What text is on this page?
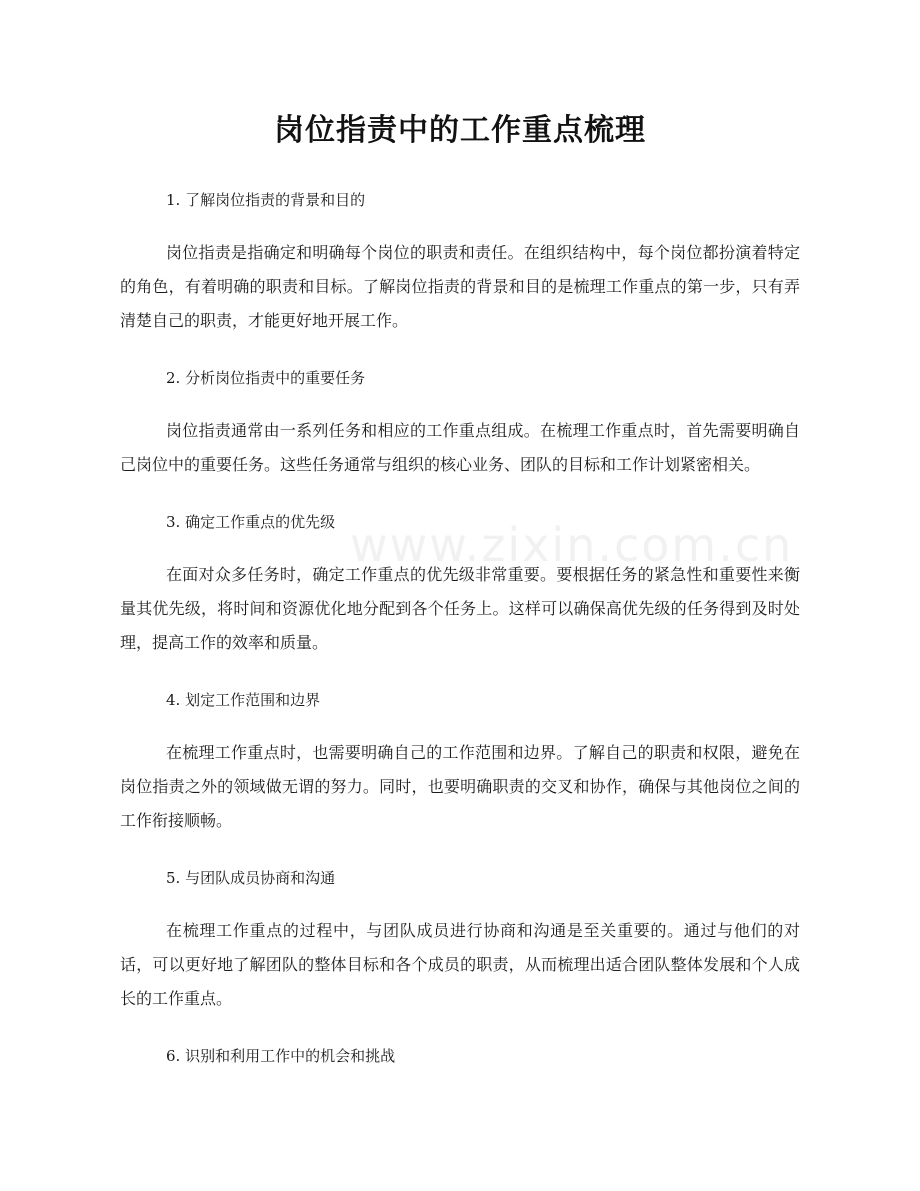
www.zixin.com.cn
岗位指责中的工作重点梳理
1. 了解岗位指责的背景和目的

岗位指责是指确定和明确每个岗位的职责和责任。在组织结构中，每个岗位都扮演着特定的角色，有着明确的职责和目标。了解岗位指责的背景和目的是梳理工作重点的第一步，只有弄清楚自己的职责，才能更好地开展工作。

2. 分析岗位指责中的重要任务

岗位指责通常由一系列任务和相应的工作重点组成。在梳理工作重点时，首先需要明确自己岗位中的重要任务。这些任务通常与组织的核心业务、团队的目标和工作计划紧密相关。

3. 确定工作重点的优先级

在面对众多任务时，确定工作重点的优先级非常重要。要根据任务的紧急性和重要性来衡量其优先级，将时间和资源优化地分配到各个任务上。这样可以确保高优先级的任务得到及时处理，提高工作的效率和质量。

4. 划定工作范围和边界

在梳理工作重点时，也需要明确自己的工作范围和边界。了解自己的职责和权限，避免在岗位指责之外的领域做无谓的努力。同时，也要明确职责的交叉和协作，确保与其他岗位之间的工作衔接顺畅。

5. 与团队成员协商和沟通

在梳理工作重点的过程中，与团队成员进行协商和沟通是至关重要的。通过与他们的对话，可以更好地了解团队的整体目标和各个成员的职责，从而梳理出适合团队整体发展和个人成长的工作重点。

6. 识别和利用工作中的机会和挑战
